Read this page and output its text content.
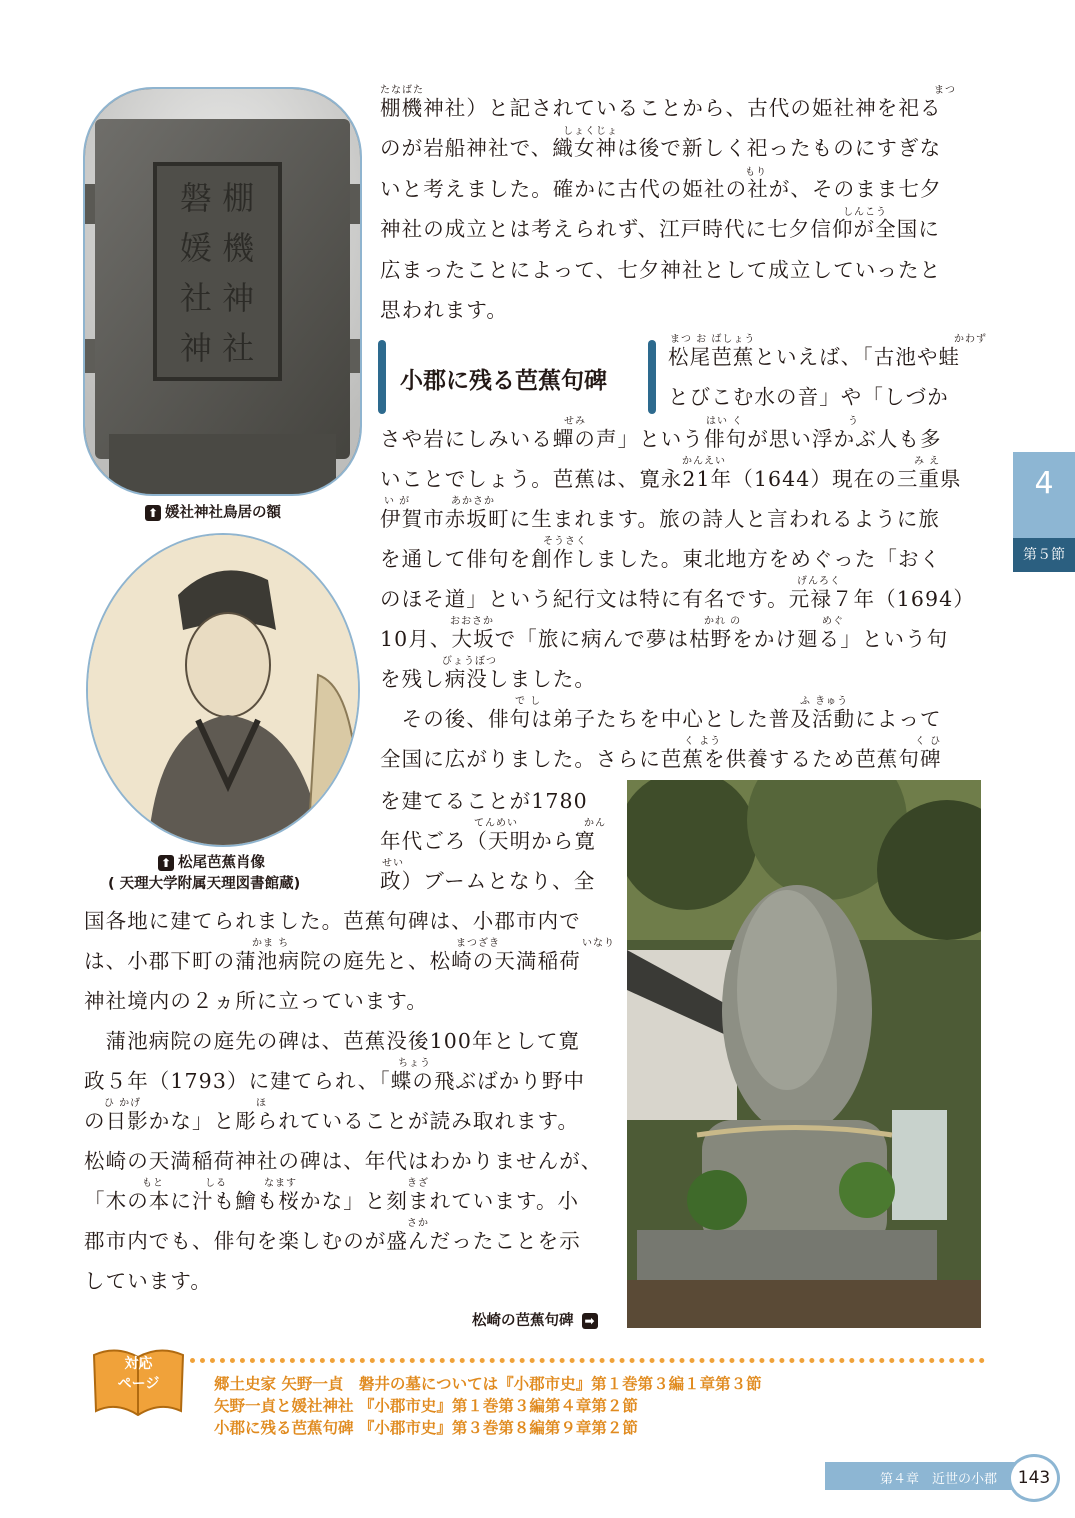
磐 棚
媛 機
社 神
神 社
⬆ 媛社神社鳥居の額
⬆ 松尾芭蕉肖像
( 天理大学附属天理図書館蔵)
棚機神社）と記されていることから、古代の姫社神を祀る
のが岩船神社で、織女神は後で新しく祀ったものにすぎな
いと考えました。確かに古代の姫社の社が、そのまま七夕
神社の成立とは考えられず、江戸時代に七夕信仰が全国に
広まったことによって、七夕神社として成立していったと
思われます。
たなばた	まつ
しょくじょ
もり
しんこう
小郡に残る芭蕉句碑
松尾芭蕉といえば、「古池や蛙
とびこむ水の音」や「しづか
まつ お ばしょう	かわず
さや岩にしみいる蟬の声」という俳句が思い浮かぶ人も多
いことでしょう。芭蕉は、寛永21年（1644）現在の三重県
伊賀市赤坂町に生まれます。旅の詩人と言われるように旅
を通して俳句を創作しました。東北地方をめぐった「おく
のほそ道」という紀行文は特に有名です。元禄７年（1694）
10月、大坂で「旅に病んで夢は枯野をかけ廻る」という句
を残し病没しました。
　その後、俳句は弟子たちを中心とした普及活動によって
全国に広がりました。さらに芭蕉を供養するため芭蕉句碑
せみ	はい く	う
かんえい	み え
い が	あかさか
そうさく
げんろく
おおさか	かれ の	めぐ
びょうぼつ
で し	ふ きゅう
く よう	く ひ
を建てることが1780
年代ごろ（天明から寛
政）ブームとなり、全
てんめい	かん
せい
国各地に建てられました。芭蕉句碑は、小郡市内で
は、小郡下町の蒲池病院の庭先と、松崎の天満稲荷
神社境内の２ヵ所に立っています。
　蒲池病院の庭先の碑は、芭蕉没後100年として寛
政５年（1793）に建てられ、「蝶の飛ぶばかり野中
の日影かな」と彫られていることが読み取れます。
松崎の天満稲荷神社の碑は、年代はわかりませんが、
「木の本に汁も鱠も桜かな」と刻まれています。小
郡市内でも、俳句を楽しむのが盛んだったことを示
しています。
かま ち	まつざき	いなり
ちょう
ひ かげ	ほ
もと	しる	なます	きざ
さか
松崎の芭蕉句碑 ➡
4
第５節
対応
ページ	郷土史家 矢野一貞　磐井の墓については『小郡市史』第１巻第３編１章第３節
矢野一貞と媛社神社 『小郡市史』第１巻第３編第４章第２節
小郡に残る芭蕉句碑 『小郡市史』第３巻第８編第９章第２節
第４章　近世の小郡	143
